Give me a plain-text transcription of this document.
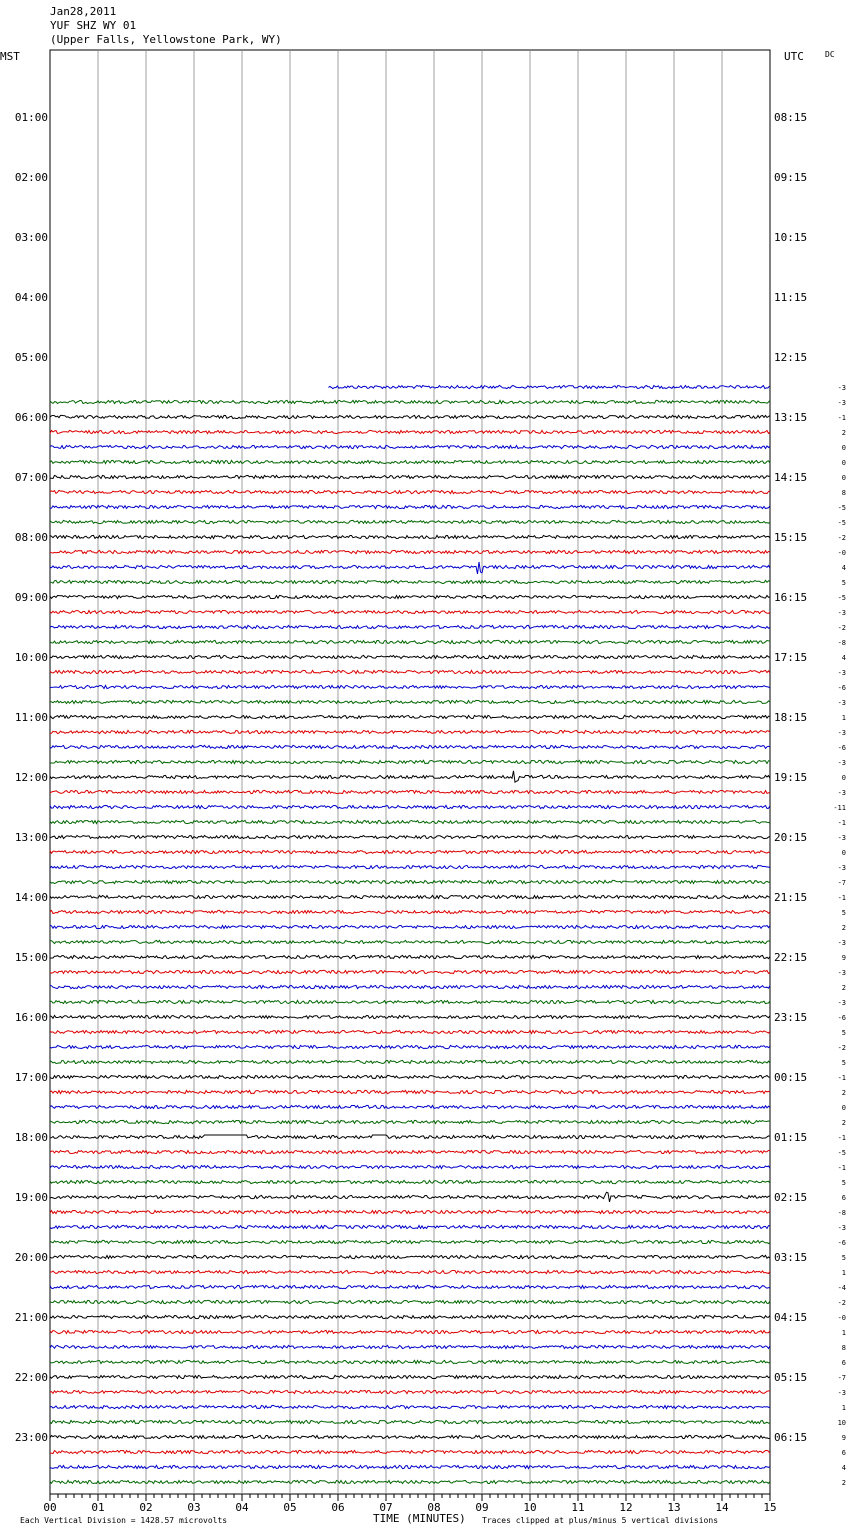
Jan28,2011
YUF SHZ WY 01
(Upper Falls, Yellowstone Park, WY)
MST	UTC	DC
01:00	08:15
02:00	09:15
03:00	10:15
04:00	11:15
05:00	12:15
06:00	13:15
07:00	14:15
08:00	15:15
09:00	16:15
10:00	17:15
11:00	18:15
12:00	19:15
13:00	20:15
14:00	21:15
15:00	22:15
16:00	23:15
17:00	00:15
18:00	01:15
19:00	02:15
20:00	03:15
21:00	04:15
22:00	05:15
23:00	06:15
-3
-3
-1
2
0
0
0
8
-5
-5
-2
-0
4
5
-5
-3
-2
-8
4
-3
-6
-3
1
-3
-6
-3
0
-3
-11
-1
-3
0
-3
-7
-1
5
2
-3
9
-3
2
-3
-6
5
-2
5
-1
2
0
2
-1
-5
-1
5
6
-8
-3
-6
5
1
-4
-2
-0
1
8
6
-7
-3
1
10
9
6
4
2
00	01	02	03	04	05	06	07	08	09	10	11	12	13	14	15
TIME (MINUTES)
Each Vertical Division = 1428.57 microvolts	Traces clipped at plus/minus 5 vertical divisions
